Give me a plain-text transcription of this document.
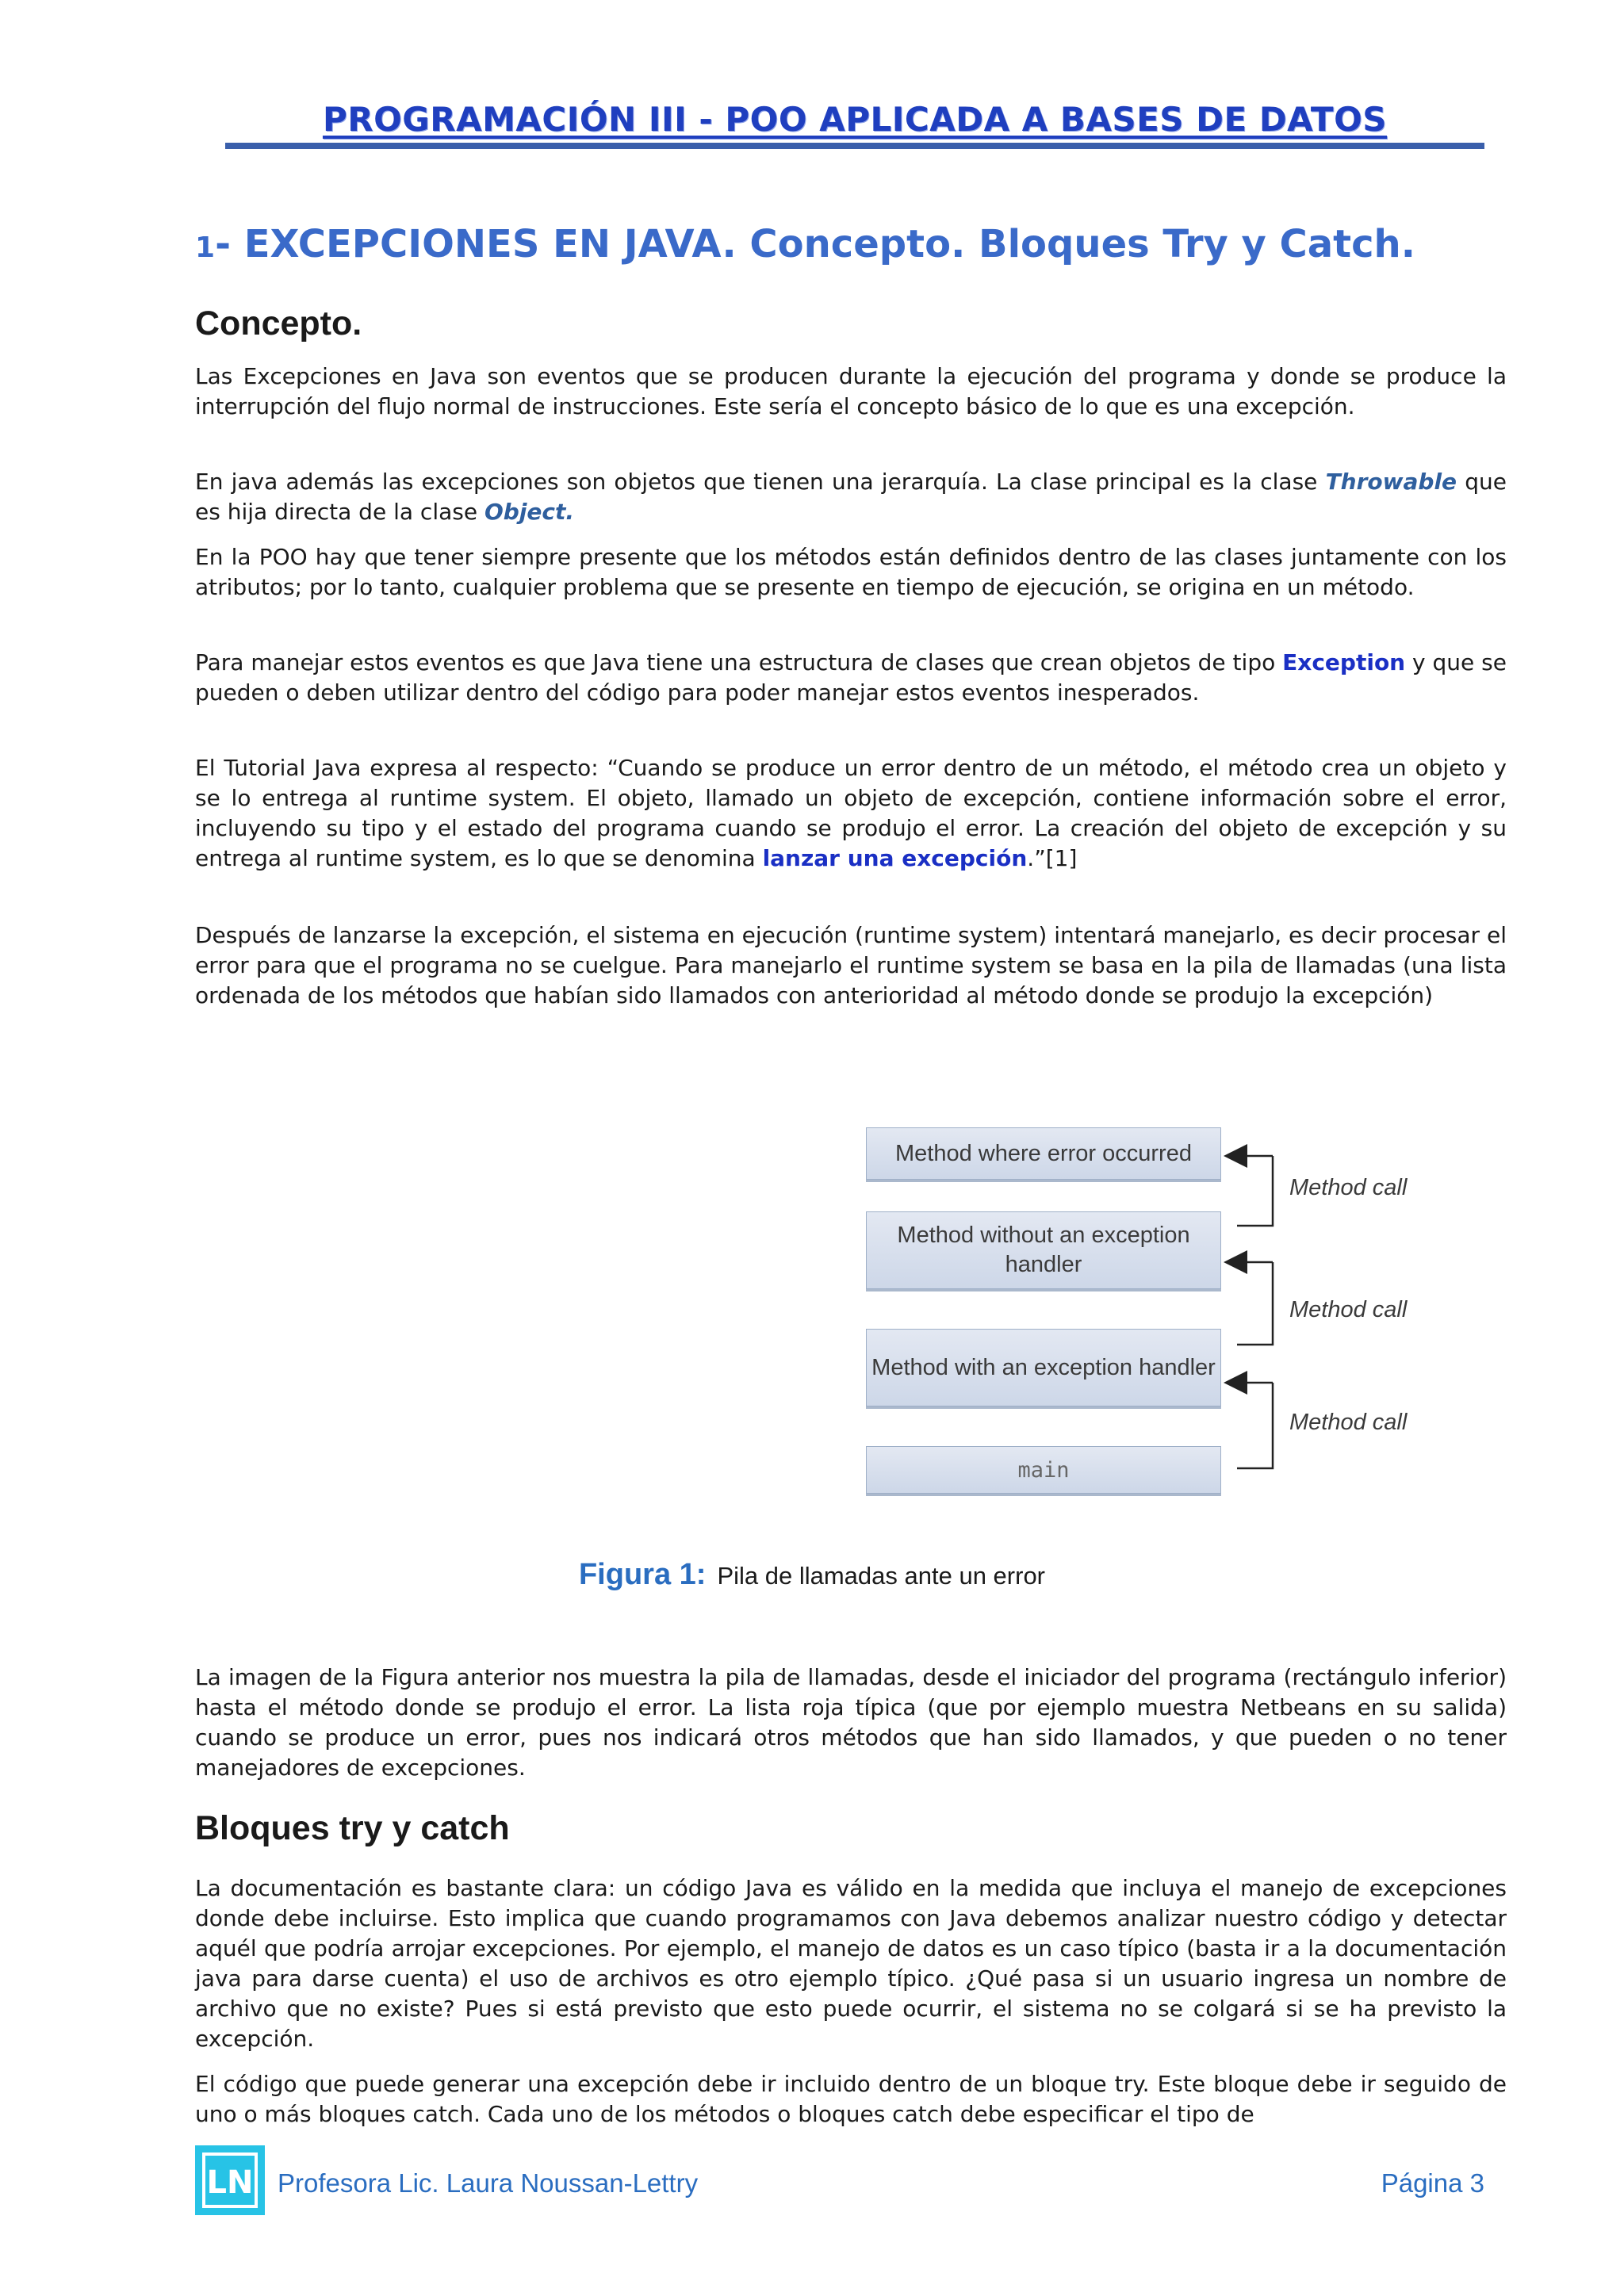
PROGRAMACIÓN III - POO APLICADA A BASES DE DATOS
1- EXCEPCIONES EN JAVA. Concepto. Bloques Try y Catch.
Concepto.
Las Excepciones en Java son eventos que se producen durante la ejecución del programa y donde se produce la interrupción del flujo normal de instrucciones. Este sería el concepto básico de lo que es una excepción.
En java además las excepciones son objetos que tienen una jerarquía. La clase principal es la clase Throwable que es hija directa de la clase Object.
En la POO hay que tener siempre presente que los métodos están definidos dentro de las clases juntamente con los atributos; por lo tanto, cualquier problema que se presente en tiempo de ejecución, se origina en un método.
Para manejar estos eventos es que Java tiene una estructura de clases que crean objetos de tipo Exception y que se pueden o deben utilizar dentro del código para poder manejar estos eventos inesperados.
El Tutorial Java expresa al respecto: “Cuando se produce un error dentro de un método, el método crea un objeto y se lo entrega al runtime system. El objeto, llamado un objeto de excepción, contiene información sobre el error, incluyendo su tipo y el estado del programa cuando se produjo el error. La creación del objeto de excepción y su entrega al runtime system, es lo que se denomina lanzar una excepción.”[1]
Después de lanzarse la excepción, el sistema en ejecución (runtime system) intentará manejarlo, es decir procesar el error para que el programa no se cuelgue. Para manejarlo el runtime system se basa en la pila de llamadas (una lista ordenada de los métodos que habían sido llamados con anterioridad al método donde se produjo la excepción)
Method where error occurred
Method without an exception handler
Method with an exception handler
main
Method call
Method call
Method call
Figura 1: Pila de llamadas ante un error
La imagen de la Figura anterior nos muestra la pila de llamadas, desde el iniciador del programa (rectángulo inferior) hasta el método donde se produjo el error. La lista roja típica (que por ejemplo muestra Netbeans en su salida) cuando se produce un error, pues nos indicará otros métodos que han sido llamados, y que pueden o no tener manejadores de excepciones.
Bloques try y catch
La documentación es bastante clara: un código Java es válido en la medida que incluya el manejo de excepciones donde debe incluirse. Esto implica que cuando programamos con Java debemos analizar nuestro código y detectar aquél que podría arrojar excepciones. Por ejemplo, el manejo de datos es un caso típico (basta ir a la documentación java para darse cuenta) el uso de archivos es otro ejemplo típico. ¿Qué pasa si un usuario ingresa un nombre de archivo que no existe? Pues si está previsto que esto puede ocurrir, el sistema no se colgará si se ha previsto la excepción.
El código que puede generar una excepción debe ir incluido dentro de un bloque try. Este bloque debe ir seguido de uno o más bloques catch. Cada uno de los métodos o bloques catch debe especificar el tipo de
LN Profesora Lic. Laura Noussan-Lettry	Página 3
